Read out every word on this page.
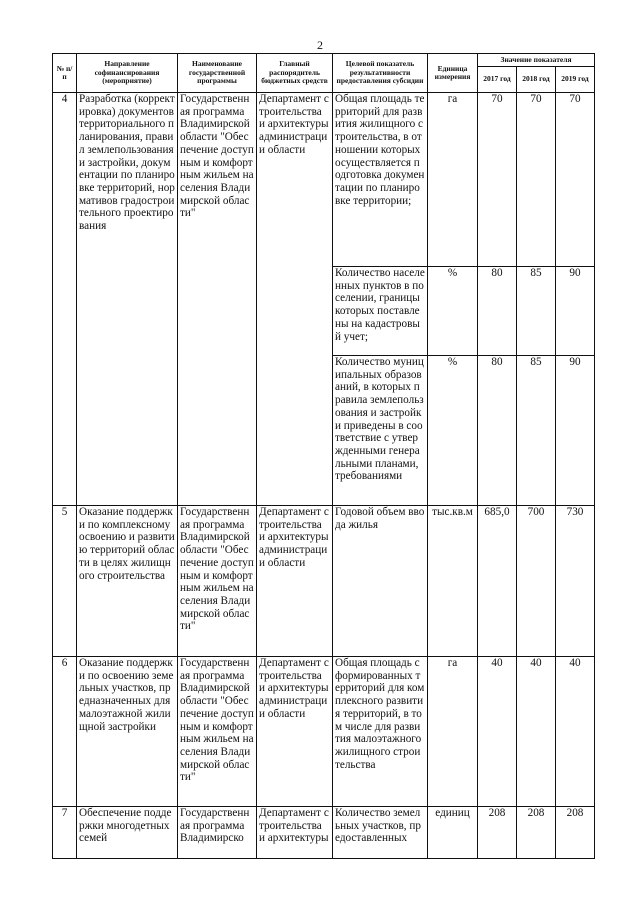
2
№ п/п	Направление софинансирования (мероприятие)	Наименование государственной программы	Главный распорядитель бюджетных средств	Целевой показатель результативности предоставления субсидии	Единица измерения	Значение показателя		
						2017 год	2018 год	2019 год
4	Разработка (корректировка) документов территориального планирования, правил землепользования и застройки, документации по планировке территорий, нормативов градостроительного проектирования	Государственная программа Владимирской области "Обеспечение доступным и комфортным жильем населения Владимирской области"	Департамент строительства и архитектуры администрации области	Общая площадь территорий для развития жилищного строительства, в отношении которых осуществляется подготовка документации по планировке территории;	га	70	70	70
				Количество населенных пунктов в поселении, границы которых поставлены на кадастровый учет;	%	80	85	90
				Количество муниципальных образований, в которых правила землепользования и застройки приведены в соответствие с утвержденными генеральными планами, требованиями	%	80	85	90
5	Оказание поддержки по комплексному освоению и развитию территорий области в целях жилищного строительства	Государственная программа Владимирской области "Обеспечение доступным и комфортным жильем населения Владимирской области"	Департамент строительства и архитектуры администрации области	Годовой объем ввода жилья	тыс.кв.м	685,0	700	730
6	Оказание поддержки по освоению земельных участков, предназначенных для малоэтажной жилищной застройки	Государственная программа Владимирской области "Обеспечение доступным и комфортным жильем населения Владимирской области"	Департамент строительства и архитектуры администрации области	Общая площадь сформированных территорий для комплексного развития территорий, в том числе для развития малоэтажного жилищного строительства	га	40	40	40
7	Обеспечение поддержки многодетных семей	Государственная программа Владимирско	Департамент строительства и архитектуры	Количество земельных участков, предоставленных	единиц	208	208	208
